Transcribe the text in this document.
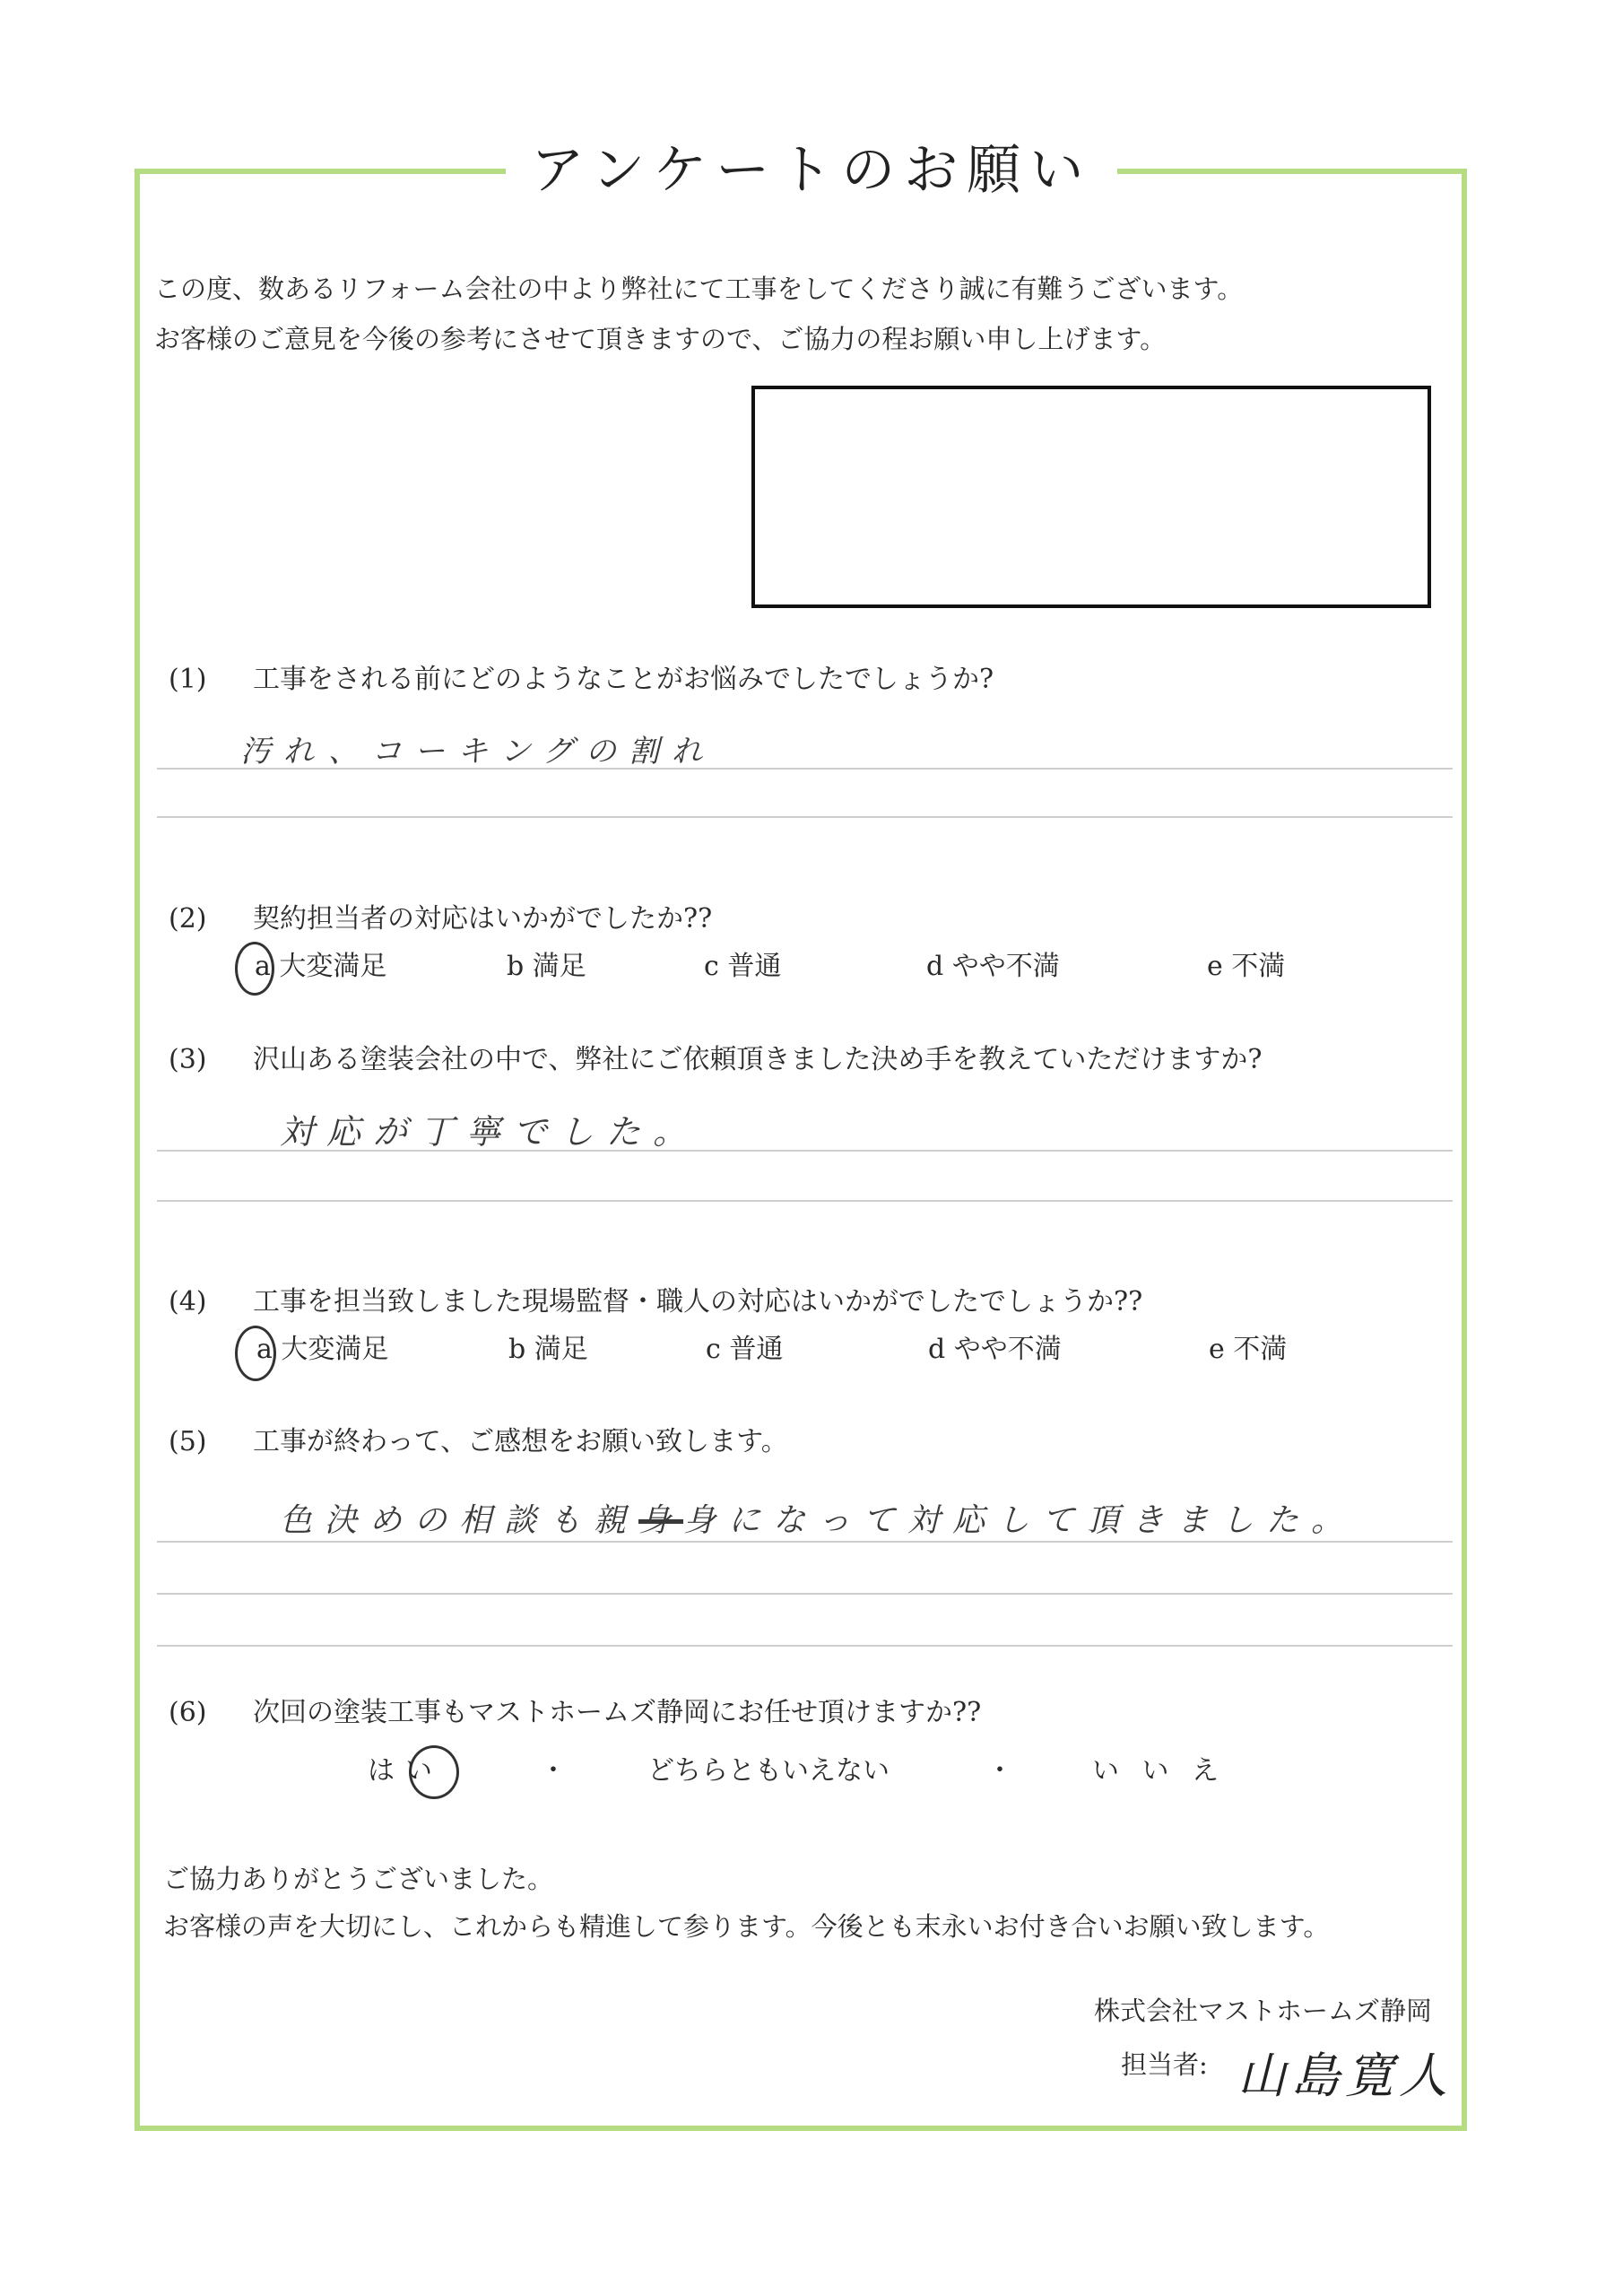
アンケートのお願い
この度、数あるリフォーム会社の中より弊社にて工事をしてくださり誠に有難うございます。
お客様のご意見を今後の参考にさせて頂きますので、ご協力の程お願い申し上げます。
(1) 工事をされる前にどのようなことがお悩みでしたでしょうか?
汚れ、コーキングの割れ
(2) 契約担当者の対応はいかがでしたか??
a 大変満足	b 満足	c 普通	d やや不満	e 不満
(3) 沢山ある塗装会社の中で、弊社にご依頼頂きました決め手を教えていただけますか?
対応が丁寧でした。
(4) 工事を担当致しました現場監督・職人の対応はいかがでしたでしょうか??
a 大変満足	b 満足	c 普通	d やや不満	e 不満
(5) 工事が終わって、ご感想をお願い致します。
色決めの相談も親身身になって対応して頂きました。
(6) 次回の塗装工事もマストホームズ静岡にお任せ頂けますか??
はい	・	どちらともいえない	・	い い え
ご協力ありがとうございました。
お客様の声を大切にし、これからも精進して参ります。今後とも末永いお付き合いお願い致します。
株式会社マストホームズ静岡
担当者: 山島寛人
